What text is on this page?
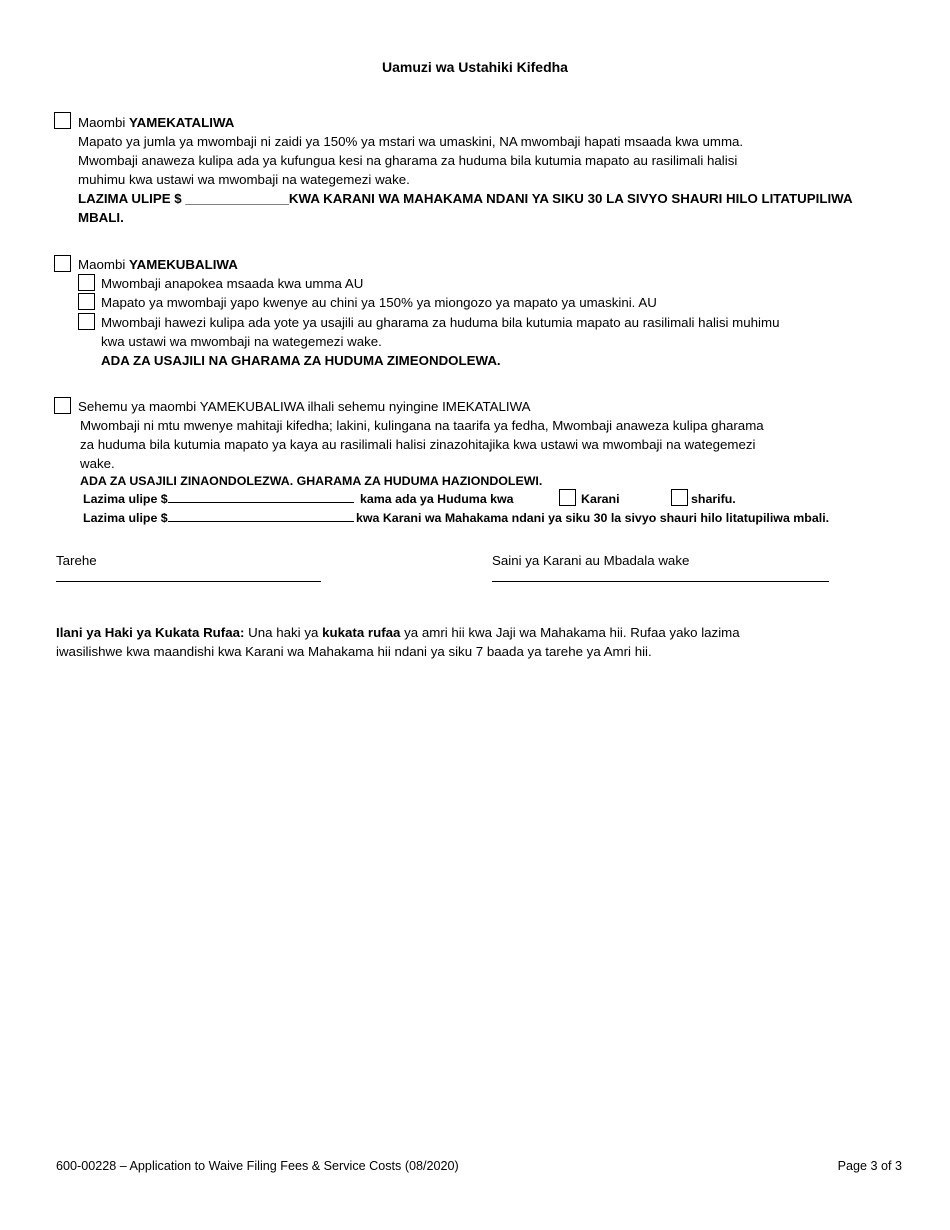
Uamuzi wa Ustahiki Kifedha
Maombi YAMEKATALIWA
Mapato ya jumla ya mwombaji ni zaidi ya 150% ya mstari wa umaskini, NA mwombaji hapati msaada kwa umma.
Mwombaji anaweza kulipa ada ya kufungua kesi na gharama za huduma bila kutumia mapato au rasilimali halisi
muhimu kwa ustawi wa mwombaji na wategemezi wake.
LAZIMA ULIPE $ ______________KWA KARANI WA MAHAKAMA NDANI YA SIKU 30 LA SIVYO SHAURI HILO LITATUPILIWA
MBALI.
Maombi YAMEKUBALIWA
Mwombaji anapokea msaada kwa umma AU
Mapato ya mwombaji yapo kwenye au chini ya 150% ya miongozo ya mapato ya umaskini. AU
Mwombaji hawezi kulipa ada yote ya usajili au gharama za huduma bila kutumia mapato au rasilimali halisi muhimu
kwa ustawi wa mwombaji na wategemezi wake.
ADA ZA USAJILI NA GHARAMA ZA HUDUMA ZIMEONDOLEWA.
Sehemu ya maombi YAMEKUBALIWA ilhali sehemu nyingine IMEKATALIWA
Mwombaji ni mtu mwenye mahitaji kifedha; lakini, kulingana na taarifa ya fedha, Mwombaji anaweza kulipa gharama
za huduma bila kutumia mapato ya kaya au rasilimali halisi zinazohitajika kwa ustawi wa mwombaji na wategemezi
wake.
ADA ZA USAJILI ZINAONDOLEZWA. GHARAMA ZA HUDUMA HAZIONDOLEWI.
Lazima ulipe $	kama ada ya Huduma kwa	Karani	sharifu.
Lazima ulipe $	kwa Karani wa Mahakama ndani ya siku 30 la sivyo shauri hilo litatupiliwa mbali.
Tarehe	Saini ya Karani au Mbadala wake
Ilani ya Haki ya Kukata Rufaa: Una haki ya kukata rufaa ya amri hii kwa Jaji wa Mahakama hii. Rufaa yako lazima
iwasilishwe kwa maandishi kwa Karani wa Mahakama hii ndani ya siku 7 baada ya tarehe ya Amri hii.
600-00228 – Application to Waive Filing Fees & Service Costs (08/2020)	Page 3 of 3
